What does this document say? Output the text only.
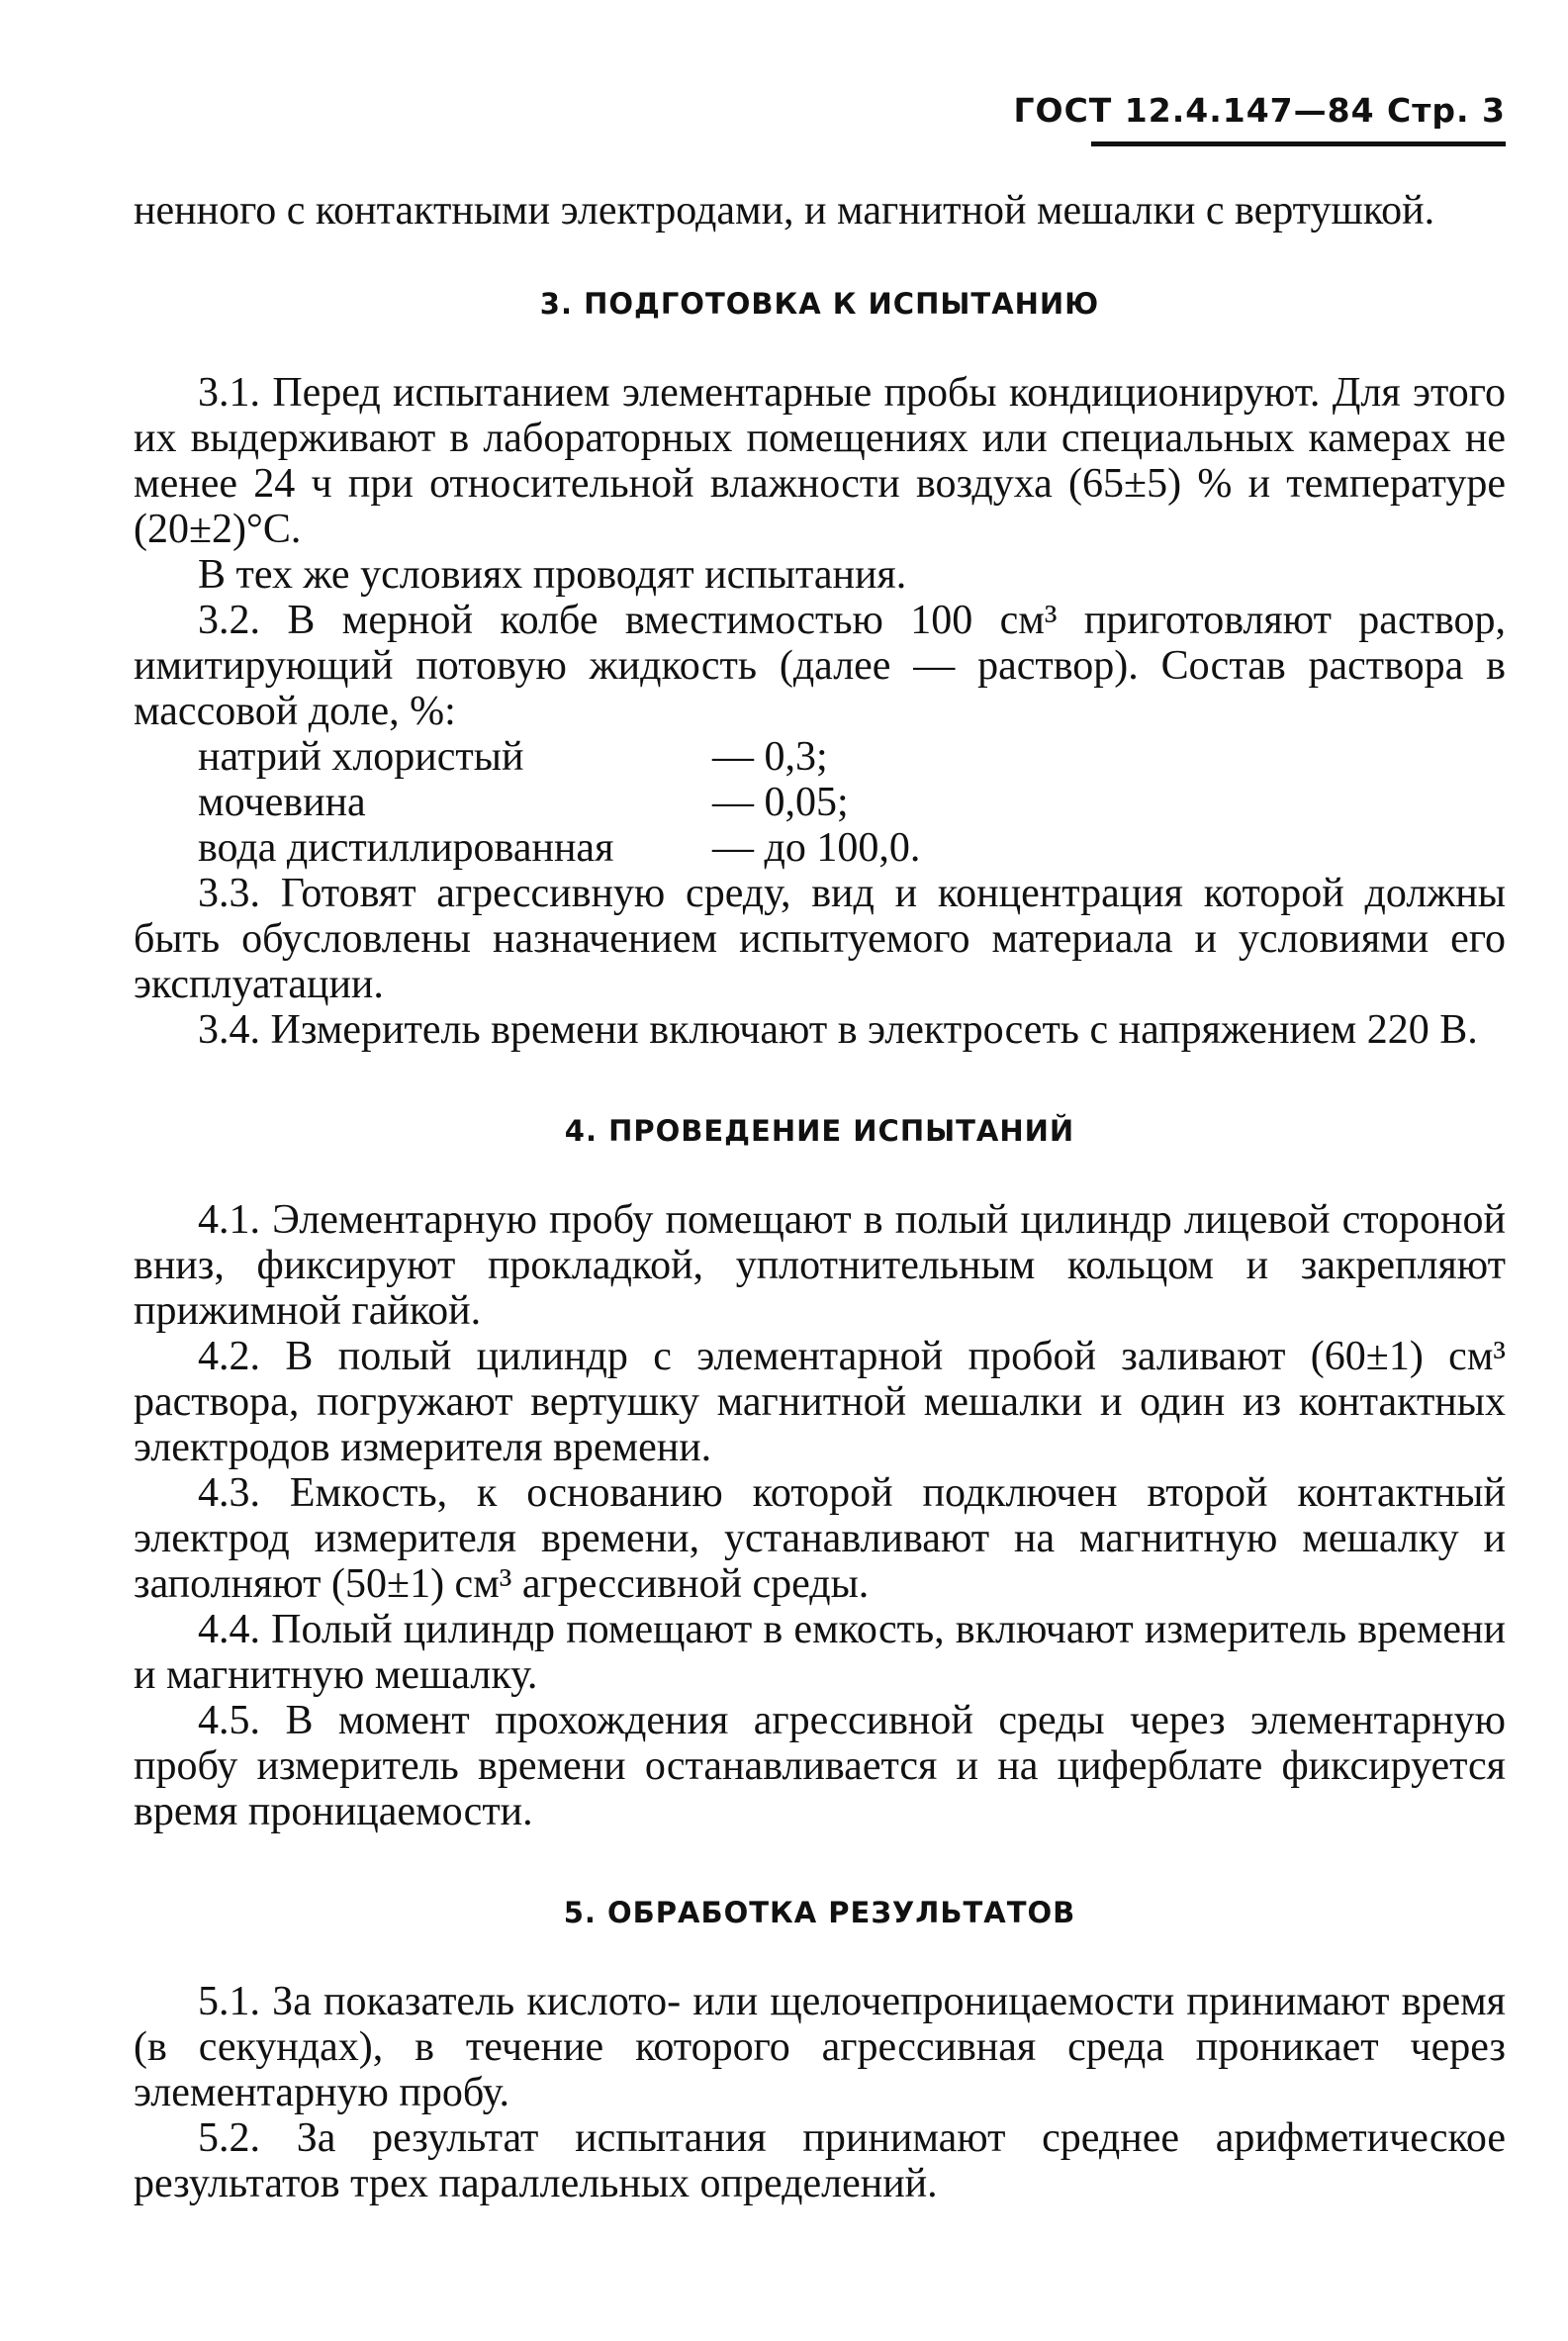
ГОСТ 12.4.147—84 Стр. 3

ненного с контактными электродами, и магнитной мешалки с вертушкой.

3. ПОДГОТОВКА К ИСПЫТАНИЮ

3.1. Перед испытанием элементарные пробы кондиционируют. Для этого их выдерживают в лабораторных помещениях или специальных камерах не менее 24 ч при относительной влажности воздуха (65±5) % и температуре (20±2)°С.

В тех же условиях проводят испытания.

3.2. В мерной колбе вместимостью 100 см³ приготовляют раствор, имитирующий потовую жидкость (далее — раствор). Состав раствора в массовой доле, %:

натрий хлористый	— 0,3;
мочевина	— 0,05;
вода дистиллированная	— до 100,0.

3.3. Готовят агрессивную среду, вид и концентрация которой должны быть обусловлены назначением испытуемого материала и условиями его эксплуатации.

3.4. Измеритель времени включают в электросеть с напряжением 220 В.

4. ПРОВЕДЕНИЕ ИСПЫТАНИЙ

4.1. Элементарную пробу помещают в полый цилиндр лицевой стороной вниз, фиксируют прокладкой, уплотнительным кольцом и закрепляют прижимной гайкой.

4.2. В полый цилиндр с элементарной пробой заливают (60±1) см³ раствора, погружают вертушку магнитной мешалки и один из контактных электродов измерителя времени.

4.3. Емкость, к основанию которой подключен второй контактный электрод измерителя времени, устанавливают на магнитную мешалку и заполняют (50±1) см³ агрессивной среды.

4.4. Полый цилиндр помещают в емкость, включают измеритель времени и магнитную мешалку.

4.5. В момент прохождения агрессивной среды через элементарную пробу измеритель времени останавливается и на циферблате фиксируется время проницаемости.

5. ОБРАБОТКА РЕЗУЛЬТАТОВ

5.1. За показатель кислото- или щелочепроницаемости принимают время (в секундах), в течение которого агрессивная среда проникает через элементарную пробу.

5.2. За результат испытания принимают среднее арифметическое результатов трех параллельных определений.
